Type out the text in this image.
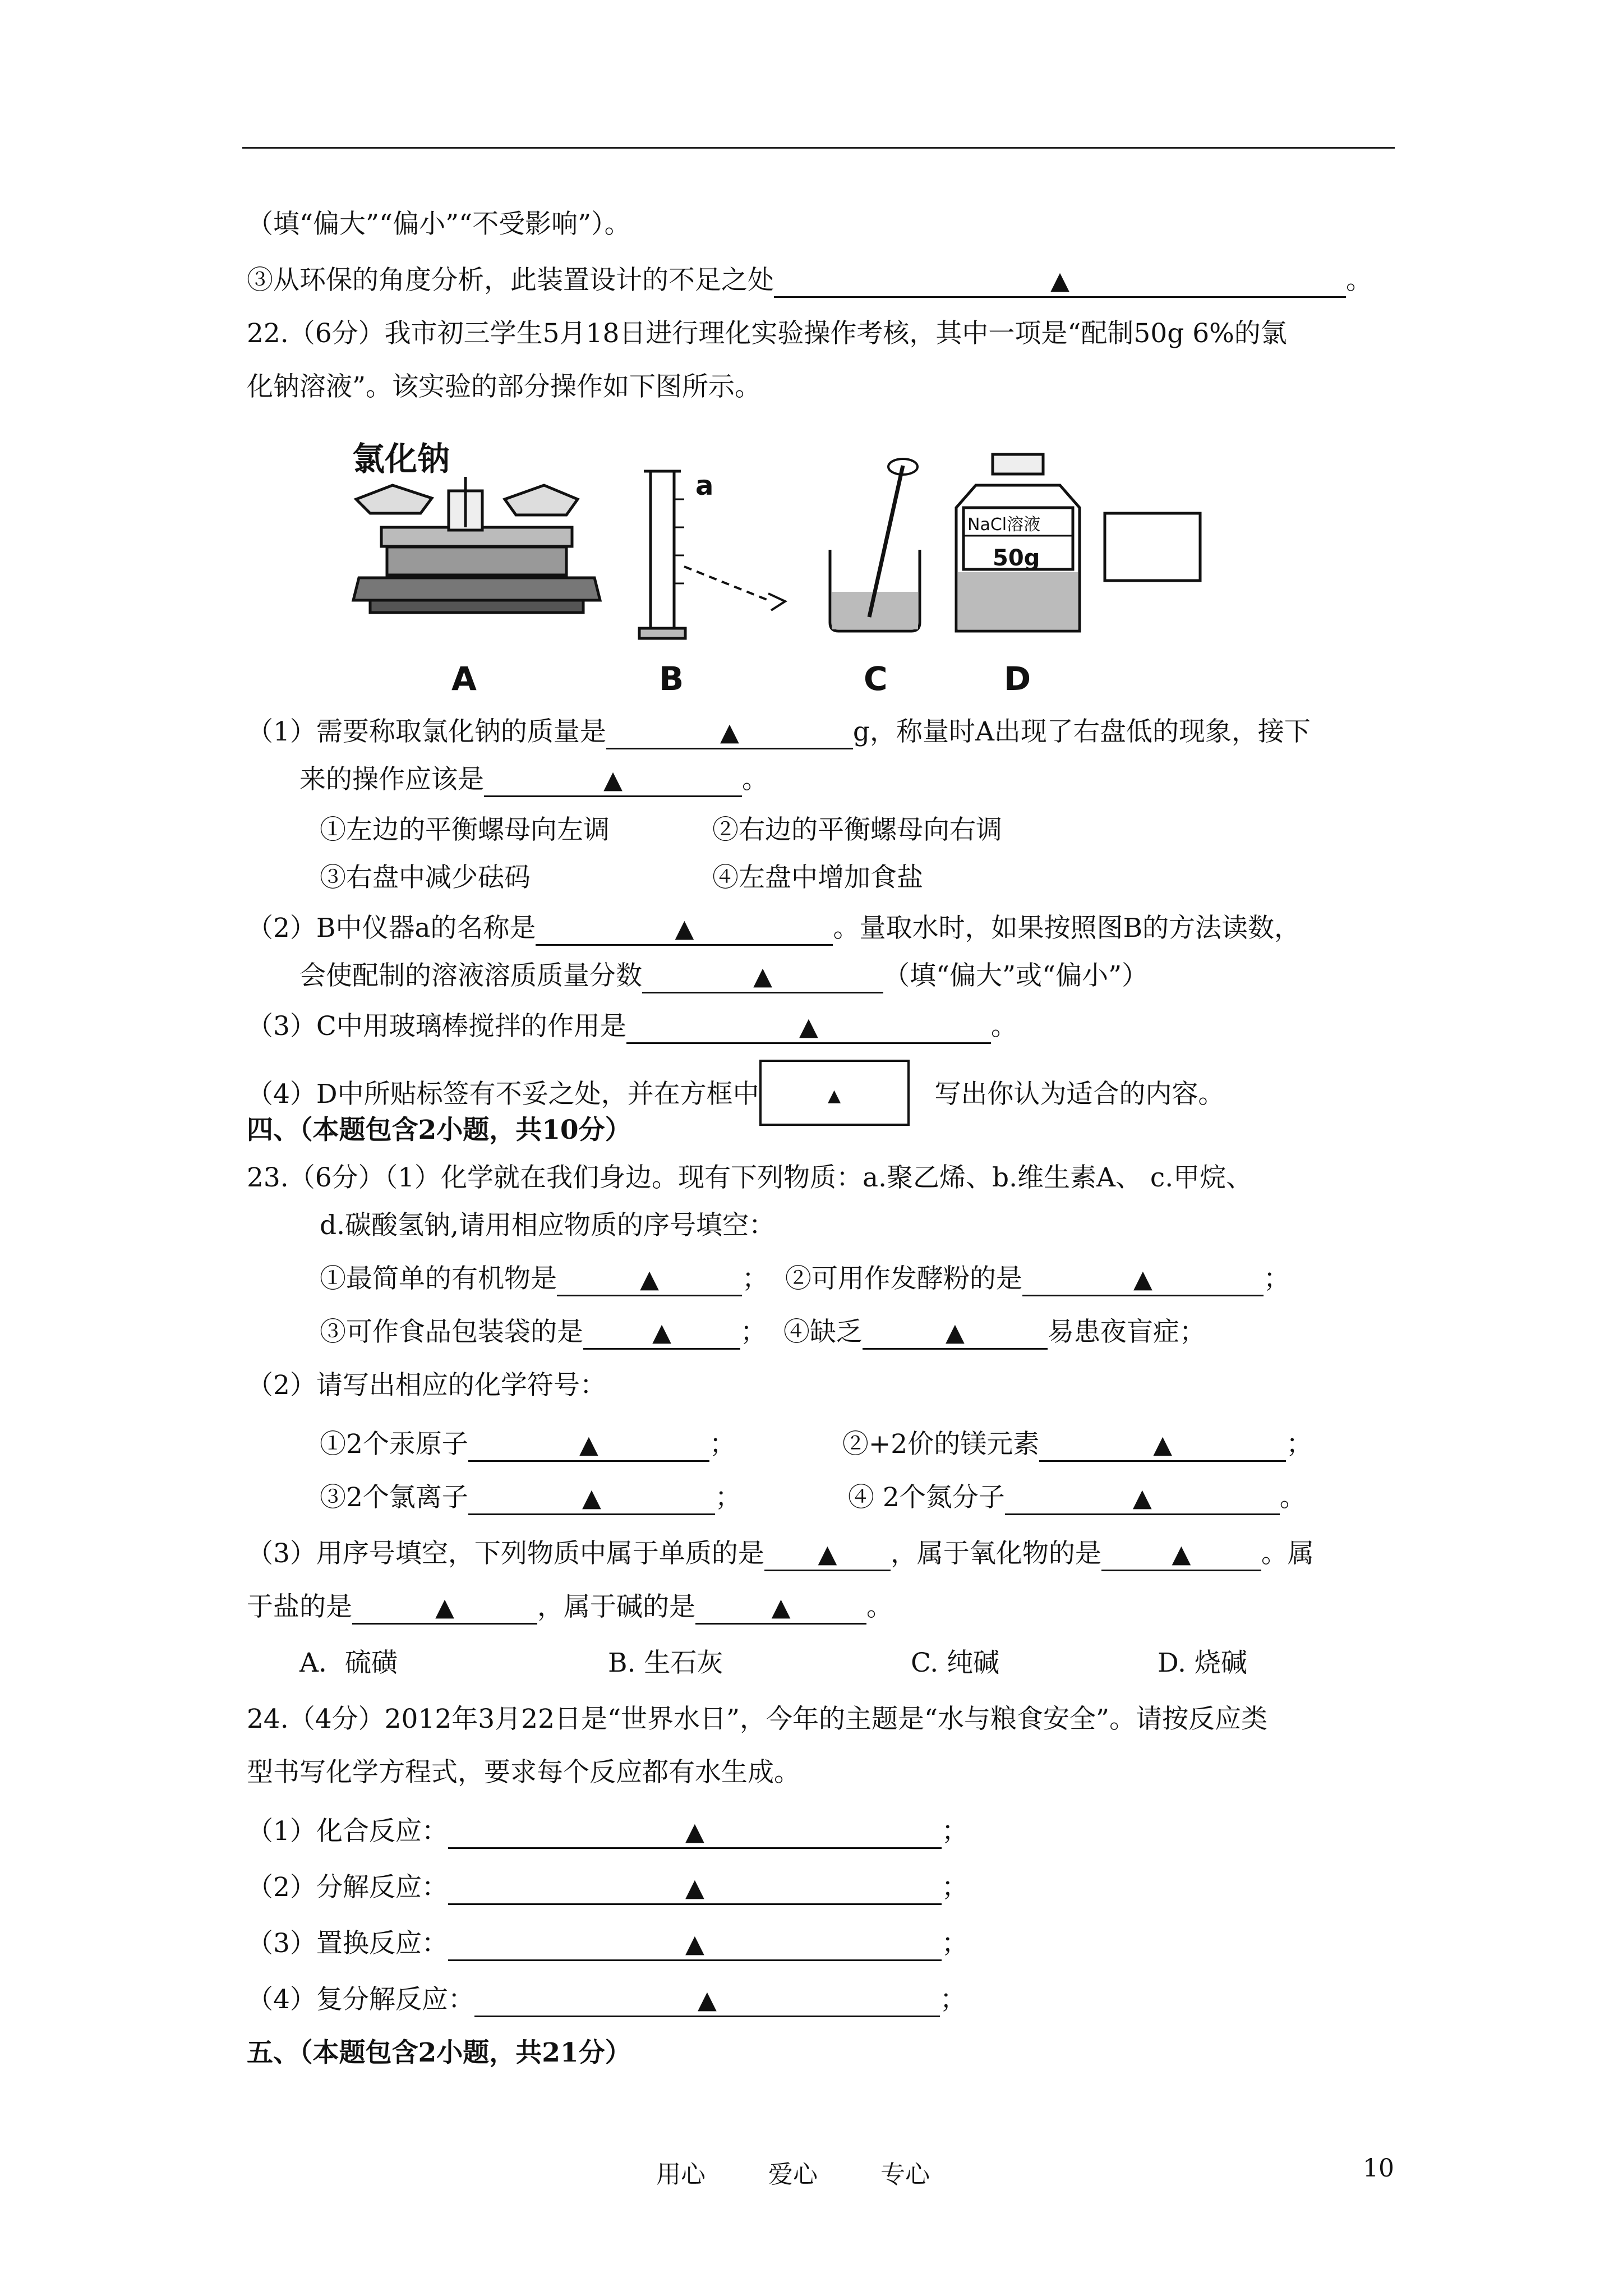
（填“偏大”“偏小”“不受影响”）。
③从环保的角度分析，此装置设计的不足之处	▲	。
22.（6分）我市初三学生5月18日进行理化实验操作考核，其中一项是“配制50g 6%的氯
化钠溶液”。该实验的部分操作如下图所示。
氯化钠
a
NaCl溶液
50g
A	B	C	D
（1）需要称取氯化钠的质量是	▲	g，称量时A出现了右盘低的现象，接下
来的操作应该是	▲	。
①左边的平衡螺母向左调	②右边的平衡螺母向右调
③右盘中减少砝码	④左盘中增加食盐
（2）B中仪器a的名称是	▲	。量取水时，如果按照图B的方法读数，
会使配制的溶液溶质质量分数	▲	（填“偏大”或“偏小”）
（3）C中用玻璃棒搅拌的作用是	▲	。
（4）D中所贴标签有不妥之处，并在方框中	▲	写出你认为适合的内容。
四、（本题包含2小题，共10分）
23.（6分）（1）化学就在我们身边。现有下列物质：a.聚乙烯、b.维生素A、 c.甲烷、
d.碳酸氢钠,请用相应物质的序号填空：
①最简单的有机物是	▲	； ②可用作发酵粉的是	▲	；
③可作食品包装袋的是	▲	； ④缺乏	▲	易患夜盲症；
（2）请写出相应的化学符号：
①2个汞原子	▲	；	②+2价的镁元素	▲	；
③2个氯离子	▲	；	④ 2个氮分子	▲	。
（3）用序号填空，下列物质中属于单质的是 ▲ ，属于氧化物的是	▲	。属
于盐的是	▲	，属于碱的是	▲	。
A．硫磺	B. 生石灰	C. 纯碱	D. 烧碱
24.（4分）2012年3月22日是“世界水日”，今年的主题是“水与粮食安全”。请按反应类
型书写化学方程式，要求每个反应都有水生成。
（1）化合反应：	▲	；
（2）分解反应：	▲	；
（3）置换反应：	▲	；
（4）复分解反应：	▲	；
五、（本题包含2小题，共21分）
用心	爱心	专心	10
